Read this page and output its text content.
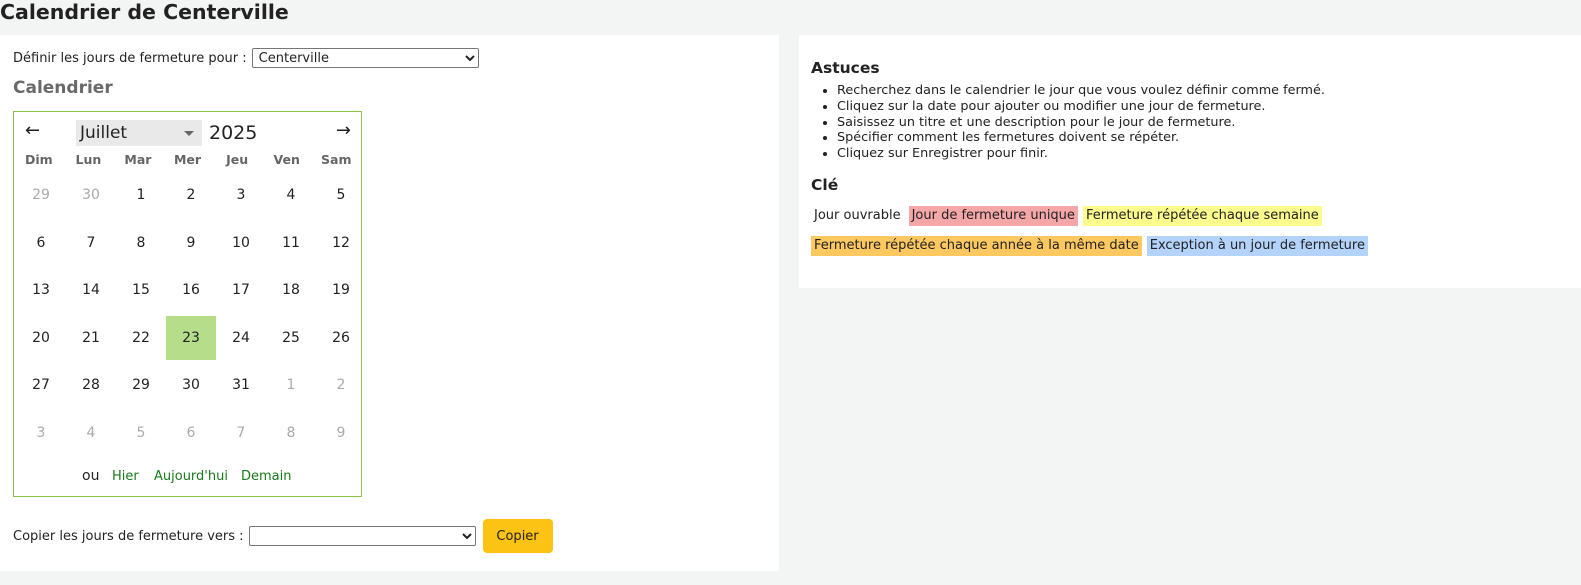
Calendrier de Centerville
Définir les jours de fermeture pour :
Centerville
Calendrier
← Juillet	2025	→
Dim	Lun	Mar	Mer	Jeu	Ven	Sam
29	30	1	2	3	4	5
6	7	8	9	10	11	12
13	14	15	16	17	18	19
20	21	22	23	24	25	26
27	28	29	30	31	1	2
3	4	5	6	7	8	9
ou Hier Aujourd'hui Demain
Copier les jours de fermeture vers :	Copier
Astuces
• Recherchez dans le calendrier le jour que vous voulez définir comme fermé.
• Cliquez sur la date pour ajouter ou modifier une jour de fermeture.
• Saisissez un titre et une description pour le jour de fermeture.
• Spécifier comment les fermetures doivent se répéter.
• Cliquez sur Enregistrer pour finir.
Clé
Jour ouvrable Jour de fermeture unique Fermeture répétée chaque semaine
Fermeture répétée chaque année à la même date Exception à un jour de fermeture
